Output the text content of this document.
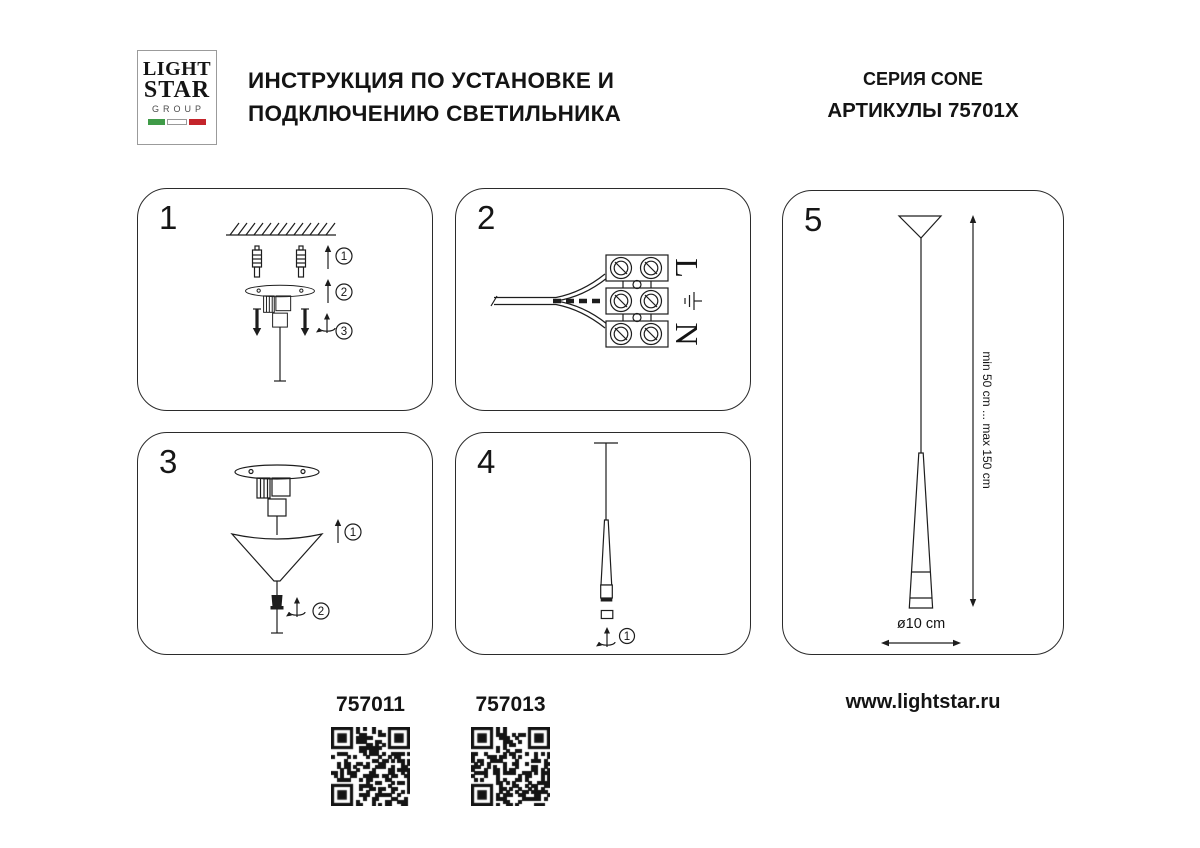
LIGHT
STAR
GROUP
ИНСТРУКЦИЯ ПО УСТАНОВКЕ И
ПОДКЛЮЧЕНИЮ СВЕТИЛЬНИКА
СЕРИЯ CONE
АРТИКУЛЫ 75701X
1
1
2
3
2
L
N
3
1
2
4
1
5
min 50 cm ... max 150 cm
ø10 cm
757011	757013	www.lightstar.ru
